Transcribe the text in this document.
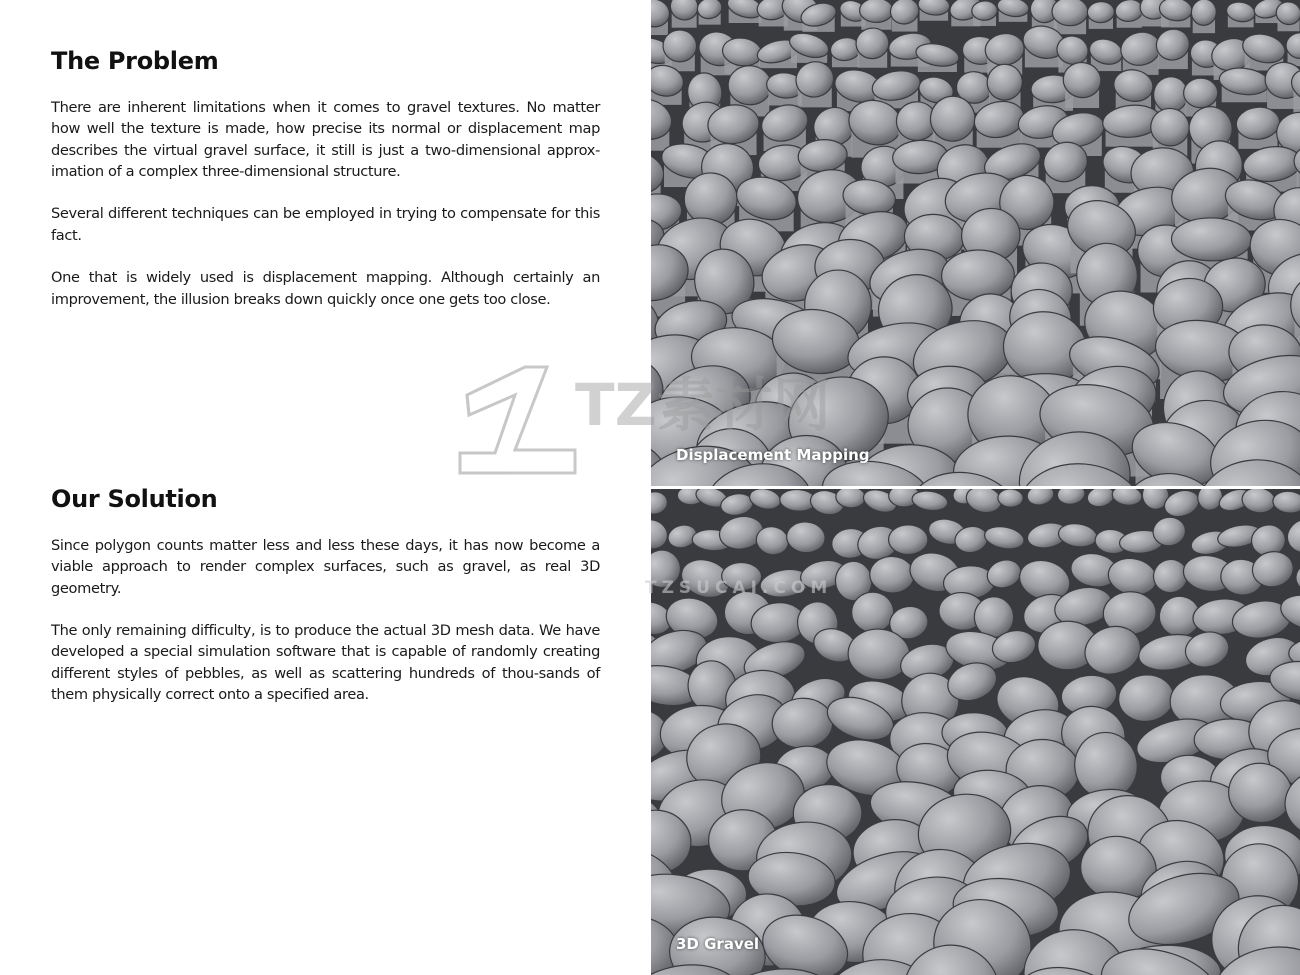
The Problem

There are inherent limitations when it comes to gravel textures. No matter how well the texture is made, how precise its normal or displacement map describes the virtual gravel surface, it still is just a two-dimensional approx-imation of a complex three-dimensional structure.

Several different techniques can be employed in trying to compensate for this fact.

One that is widely used is displacement mapping. Although certainly an improvement, the illusion breaks down quickly once one gets too close.

Our Solution

Since polygon counts matter less and less these days, it has now become a viable approach to render complex surfaces, such as gravel, as real 3D geometry.

The only remaining difficulty, is to produce the actual 3D mesh data. We have developed a special simulation software that is capable of randomly creating different styles of pebbles, as well as scattering hundreds of thou-sands of them physically correct onto a specified area.

Displacement Mapping
3D Gravel
TZ素材网
TZSUCAI.COM
